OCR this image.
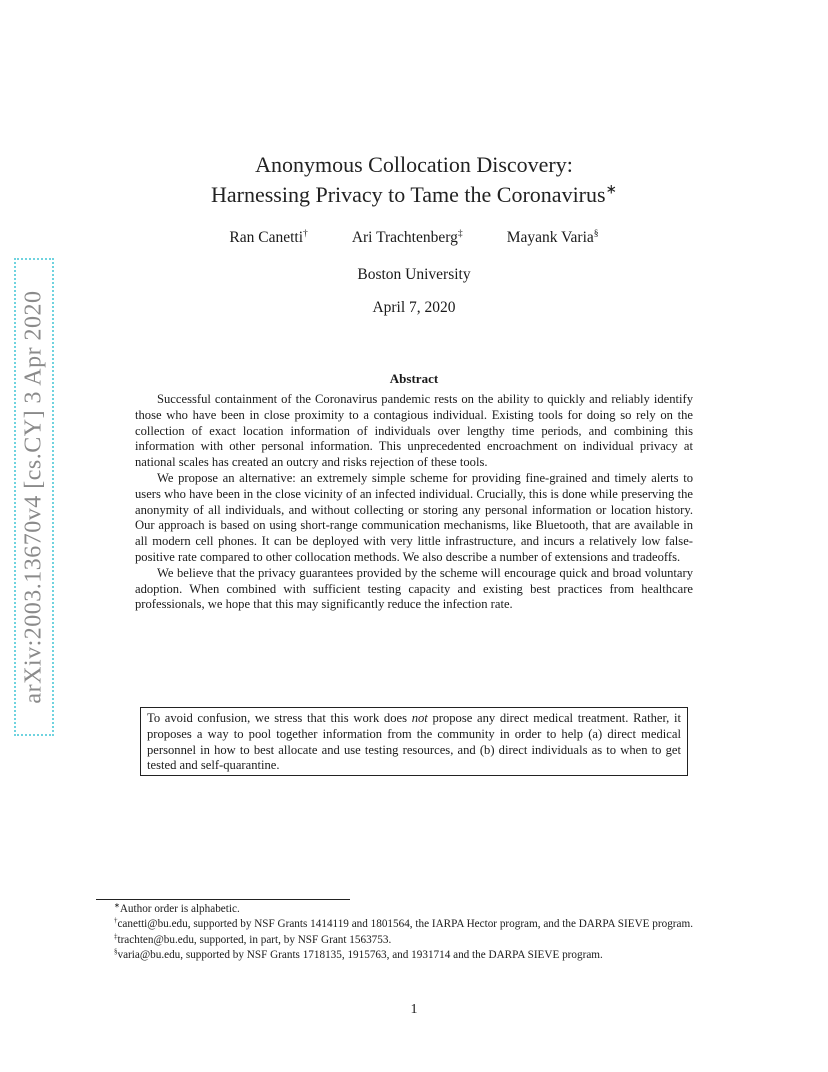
arXiv:2003.13670v4 [cs.CY] 3 Apr 2020
Anonymous Collocation Discovery:
Harnessing Privacy to Tame the Coronavirus∗
Ran Canetti†	Ari Trachtenberg‡	Mayank Varia§
Boston University
April 7, 2020
Abstract

Successful containment of the Coronavirus pandemic rests on the ability to quickly and reliably identify those who have been in close proximity to a contagious individual. Existing tools for doing so rely on the collection of exact location information of individuals over lengthy time periods, and combining this information with other personal information. This unprecedented encroachment on individual privacy at national scales has created an outcry and risks rejection of these tools.

We propose an alternative: an extremely simple scheme for providing fine-grained and timely alerts to users who have been in the close vicinity of an infected individual. Crucially, this is done while preserving the anonymity of all individuals, and without collecting or storing any personal information or location history. Our approach is based on using short-range communication mechanisms, like Bluetooth, that are available in all modern cell phones. It can be deployed with very little infrastructure, and incurs a relatively low false-positive rate compared to other collocation methods. We also describe a number of extensions and tradeoffs.

We believe that the privacy guarantees provided by the scheme will encourage quick and broad voluntary adoption. When combined with sufficient testing capacity and existing best practices from healthcare professionals, we hope that this may significantly reduce the infection rate.

To avoid confusion, we stress that this work does not propose any direct medical treatment. Rather, it proposes a way to pool together information from the community in order to help (a) direct medical personnel in how to best allocate and use testing resources, and (b) direct individuals as to when to get tested and self-quarantine.

∗Author order is alphabetic.

†canetti@bu.edu, supported by NSF Grants 1414119 and 1801564, the IARPA Hector program, and the DARPA SIEVE program.

‡trachten@bu.edu, supported, in part, by NSF Grant 1563753.

§varia@bu.edu, supported by NSF Grants 1718135, 1915763, and 1931714 and the DARPA SIEVE program.

1
